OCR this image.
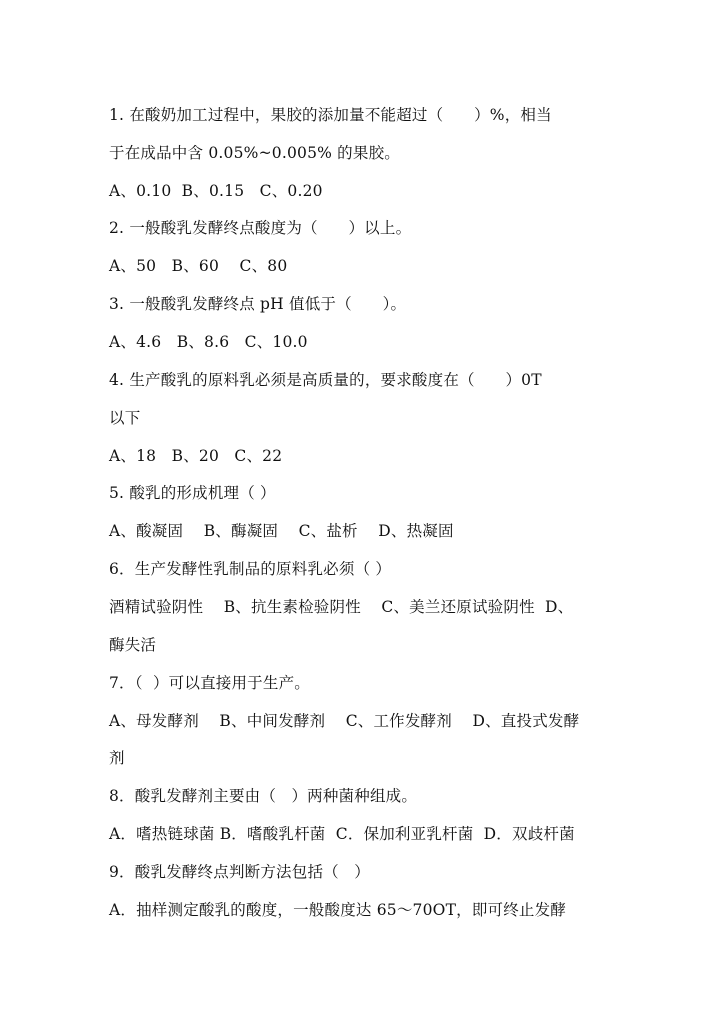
1. 在酸奶加工过程中，果胶的添加量不能超过（      ）%，相当
于在成品中含 0.05%~0.005% 的果胶。
A、0.10  B、0.15   C、0.20
2. 一般酸乳发酵终点酸度为（      ）以上。
A、50   B、60    C、80
3. 一般酸乳发酵终点 pH 值低于（      ）。
A、4.6   B、8.6   C、10.0
4. 生产酸乳的原料乳必须是高质量的，要求酸度在（      ）0T
以下
A、18   B、20   C、22
5. 酸乳的形成机理（ ）
A、酸凝固    B、酶凝固    C、盐析    D、热凝固
6．生产发酵性乳制品的原料乳必须（ ）
酒精试验阴性    B、抗生素检验阴性    C、美兰还原试验阴性  D、
酶失活
7．（  ）可以直接用于生产。
A、母发酵剂    B、中间发酵剂    C、工作发酵剂    D、直投式发酵
剂
8．酸乳发酵剂主要由（   ）两种菌种组成。
A．嗜热链球菌 B．嗜酸乳杆菌  C．保加利亚乳杆菌  D．双歧杆菌
9．酸乳发酵终点判断方法包括（   ）
A．抽样测定酸乳的酸度，一般酸度达 65～70OT，即可终止发酵
